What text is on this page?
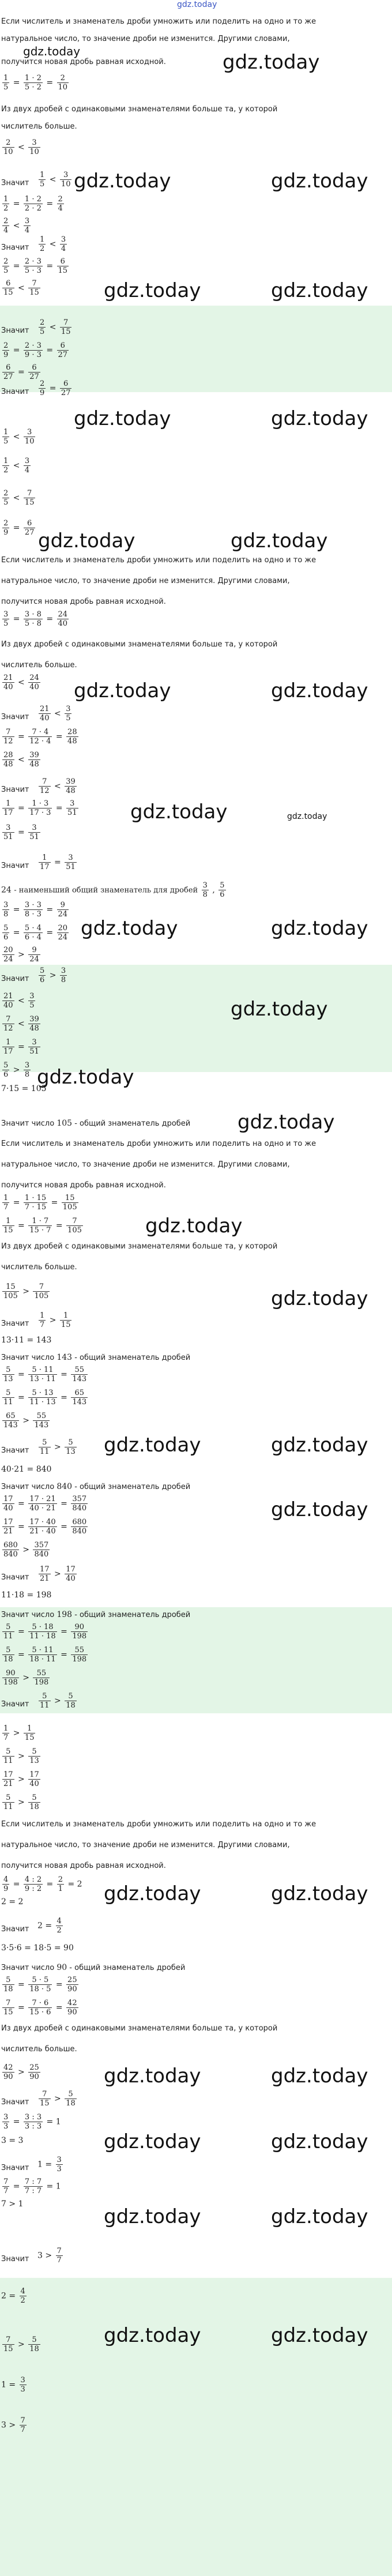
gdz.today
Если числитель и знаменатель дроби умножить или поделить на одно и то же
натуральное число, то значение дроби не изменится. Другими словами,
gdz.today
получится новая дробь равная исходной.	gdz.today
$\frac{1}{5} = \frac{1 \cdot 2}{5 \cdot 2} = \frac{2}{10}$
Из двух дробей с одинаковыми знаменателями больше та, у которой
числитель больше.
$\frac{2}{10} < \frac{3}{10}$
Значит $\frac{1}{5} < \frac{3}{10}$ gdz.today	gdz.today
$\frac{1}{2} = \frac{1 \cdot 2}{2 \cdot 2} = \frac{2}{4}$
$\frac{2}{4} < \frac{3}{4}$
Значит $\frac{1}{2} < \frac{3}{4}$
$\frac{2}{5} = \frac{2 \cdot 3}{5 \cdot 3} = \frac{6}{15}$
gdz.today	gdz.today
$\frac{6}{15} < \frac{7}{15}$
Значит $\frac{2}{5} < \frac{7}{15}$
$\frac{2}{9} = \frac{2 \cdot 3}{9 \cdot 3} = \frac{6}{27}$
$\frac{6}{27} = \frac{6}{27}$
Значит $\frac{2}{9} = \frac{6}{27}$
gdz.today	gdz.today
$\frac{1}{5} < \frac{3}{10}$
$\frac{1}{2} < \frac{3}{4}$
$\frac{2}{5} < \frac{7}{15}$
$\frac{2}{9} = \frac{6}{27}$
gdz.today	gdz.today
Если числитель и знаменатель дроби умножить или поделить на одно и то же
натуральное число, то значение дроби не изменится. Другими словами,
получится новая дробь равная исходной.
$\frac{3}{5} = \frac{3 \cdot 8}{5 \cdot 8} = \frac{24}{40}$
Из двух дробей с одинаковыми знаменателями больше та, у которой
числитель больше.
$\frac{21}{40} < \frac{24}{40}$ gdz.today	gdz.today
Значит $\frac{21}{40} < \frac{3}{5}$
$\frac{7}{12} = \frac{7 \cdot 4}{12 \cdot 4} = \frac{28}{48}$
$\frac{28}{48} < \frac{39}{48}$
Значит $\frac{7}{12} < \frac{39}{48}$
$\frac{1}{17} = \frac{1 \cdot 3}{17 \cdot 3} = \frac{3}{51}$	gdz.today	gdz.today
$\frac{3}{51} = \frac{3}{51}$
Значит $\frac{1}{17} = \frac{3}{51}$
24 - наименьший общий знаменатель для дробей $\frac{3}{8}$ , $\frac{5}{6}$
$\frac{3}{8} = \frac{3 \cdot 3}{8 \cdot 3} = \frac{9}{24}$
$\frac{5}{6} = \frac{5 \cdot 4}{6 \cdot 4} = \frac{20}{24}$ gdz.today	gdz.today
$\frac{20}{24} > \frac{9}{24}$
Значит $\frac{5}{6} > \frac{3}{8}$
$\frac{21}{40} < \frac{3}{5}$
$\frac{7}{12} < \frac{39}{48}$
gdz.today
$\frac{1}{17} = \frac{3}{51}$
$\frac{5}{6} > \frac{3}{8}$ gdz.today
7·15 = 105
Значит число 105 - общий знаменатель дробей gdz.today
Если числитель и знаменатель дроби умножить или поделить на одно и то же
натуральное число, то значение дроби не изменится. Другими словами,
получится новая дробь равная исходной.
$\frac{1}{7} = \frac{1 \cdot 15}{7 \cdot 15} = \frac{15}{105}$
$\frac{1}{15} = \frac{1 \cdot 7}{15 \cdot 7} = \frac{7}{105}$	gdz.today
Из двух дробей с одинаковыми знаменателями больше та, у которой
числитель больше.
$\frac{15}{105} > \frac{7}{105}$	gdz.today
Значит $\frac{1}{7} > \frac{1}{15}$
13·11 = 143
Значит число 143 - общий знаменатель дробей
$\frac{5}{13} = \frac{5 \cdot 11}{13 \cdot 11} = \frac{55}{143}$
$\frac{5}{11} = \frac{5 \cdot 13}{11 \cdot 13} = \frac{65}{143}$
$\frac{65}{143} > \frac{55}{143}$
gdz.today	gdz.today
Значит $\frac{5}{11} > \frac{5}{13}$
40·21 = 840
Значит число 840 - общий знаменатель дробей
$\frac{17}{40} = \frac{17 \cdot 21}{40 \cdot 21} = \frac{357}{840}$
$\frac{17}{21} = \frac{17 \cdot 40}{21 \cdot 40} = \frac{680}{840}$
gdz.today
$\frac{680}{840} > \frac{357}{840}$
Значит $\frac{17}{21} > \frac{17}{40}$
11·18 = 198
Значит число 198 - общий знаменатель дробей
$\frac{5}{11} = \frac{5 \cdot 18}{11 \cdot 18} = \frac{90}{198}$
$\frac{5}{18} = \frac{5 \cdot 11}{18 \cdot 11} = \frac{55}{198}$
$\frac{90}{198} > \frac{55}{198}$
Значит $\frac{5}{11} > \frac{5}{18}$
$\frac{1}{7} > \frac{1}{15}$
$\frac{5}{11} > \frac{5}{13}$
$\frac{17}{21} > \frac{17}{40}$
$\frac{5}{11} > \frac{5}{18}$
Если числитель и знаменатель дроби умножить или поделить на одно и то же
натуральное число, то значение дроби не изменится. Другими словами,
получится новая дробь равная исходной.
$\frac{4}{9} = \frac{4 : 2}{9 : 2} = \frac{2}{1} = 2$
2 = 2	gdz.today	gdz.today
Значит $2 = \frac{4}{2}$
3·5·6 = 18·5 = 90
Значит число 90 - общий знаменатель дробей
$\frac{5}{18} = \frac{5 \cdot 5}{18 \cdot 5} = \frac{25}{90}$
$\frac{7}{15} = \frac{7 \cdot 6}{15 \cdot 6} = \frac{42}{90}$
Из двух дробей с одинаковыми знаменателями больше та, у которой
числитель больше.
$\frac{42}{90} > \frac{25}{90}$	gdz.today	gdz.today
Значит $\frac{7}{15} > \frac{5}{18}$
$\frac{3}{3} = \frac{3 : 3}{3 : 3} = 1$
3 = 3	gdz.today	gdz.today
Значит $1 = \frac{3}{3}$
$\frac{7}{7} = \frac{7 : 7}{7 : 7} = 1$
7 > 1
gdz.today	gdz.today
Значит $3 > \frac{7}{7}$
$2 = \frac{4}{2}$
gdz.today	gdz.today
$\frac{7}{15} > \frac{5}{18}$
$1 = \frac{3}{3}$
$3 > \frac{7}{7}$
